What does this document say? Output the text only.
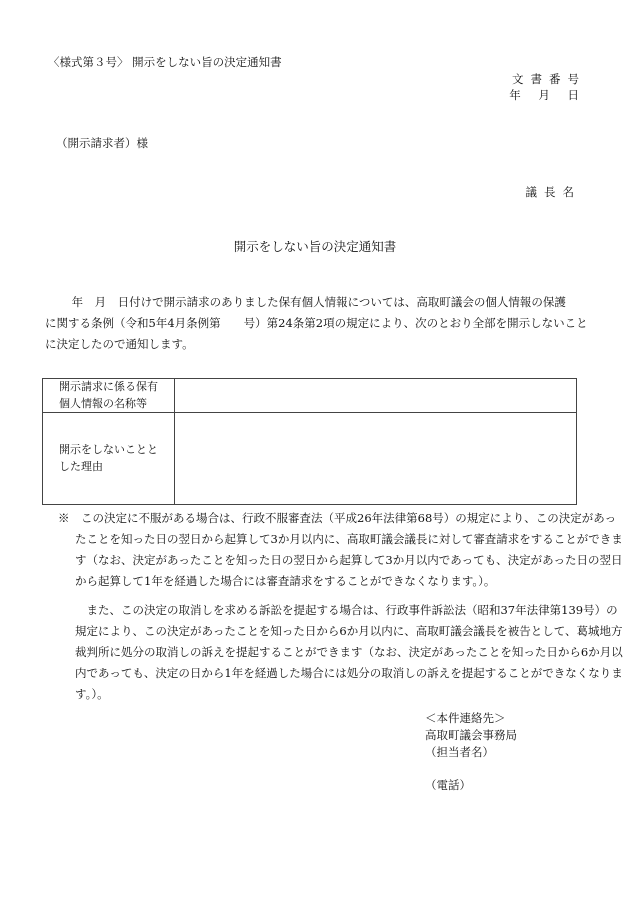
〈様式第３号〉 開示をしない旨の決定通知書
文書番号
年 月 日
（開示請求者）様
議長名
開示をしない旨の決定通知書
　　 年　月　日付けで開示請求のありました保有個人情報については、高取町議会の個人情報の保護
に関する条例（令和5年4月条例第　　号）第24条第2項の規定により、次のとおり全部を開示しないこと
に決定したので通知します。
開示請求に係る保有
個人情報の名称等	

開示をしないことと
した理由	

※　この決定に不服がある場合は、行政不服審査法（平成26年法律第68号）の規定により、この決定があっ
たことを知った日の翌日から起算して3か月以内に、高取町議会議長に対して審査請求をすることができま
す（なお、決定があったことを知った日の翌日から起算して3か月以内であっても、決定があった日の翌日
から起算して1年を経過した場合には審査請求をすることができなくなります。）。
　また、この決定の取消しを求める訴訟を提起する場合は、行政事件訴訟法（昭和37年法律第139号）の
規定により、この決定があったことを知った日から6か月以内に、高取町議会議長を被告として、葛城地方
裁判所に処分の取消しの訴えを提起することができます（なお、決定があったことを知った日から6か月以
内であっても、決定の日から1年を経過した場合には処分の取消しの訴えを提起することができなくなりま
す。）。
＜本件連絡先＞
高取町議会事務局
（担当者名）
（電話）
